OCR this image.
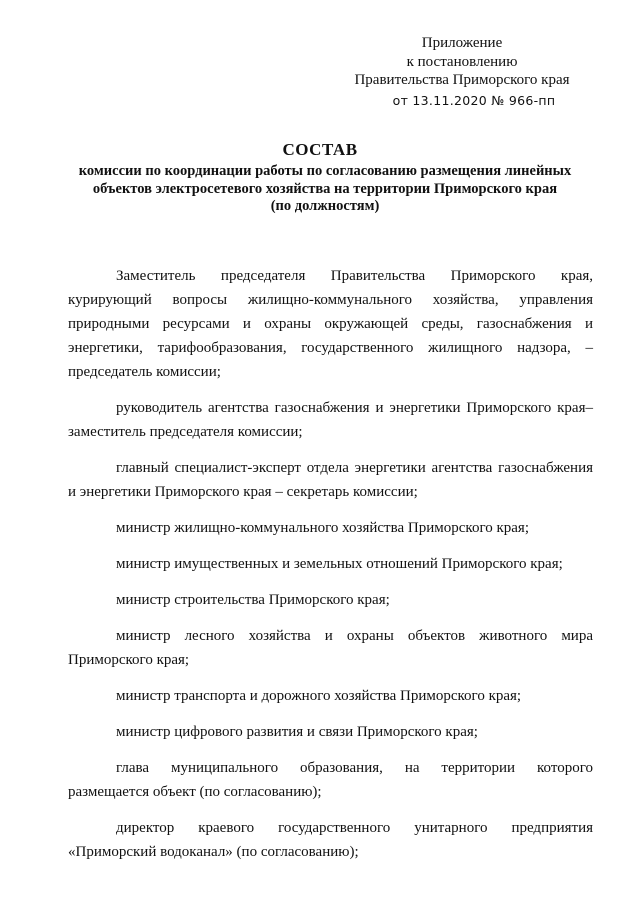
Приложение
к постановлению
Правительства Приморского края
от 13.11.2020 № 966-пп
СОСТАВ
комиссии по координации работы по согласованию размещения линейных
объектов электросетевого хозяйства на территории Приморского края
(по должностям)
Заместитель председателя Правительства Приморского края,
курирующий вопросы жилищно-коммунального хозяйства, управления
природными ресурсами и охраны окружающей среды, газоснабжения и
энергетики, тарифообразования, государственного жилищного надзора, –
председатель комиссии;
руководитель агентства газоснабжения и энергетики Приморского края–
заместитель председателя комиссии;
главный специалист-эксперт отдела энергетики агентства газоснабжения
и энергетики Приморского края – секретарь комиссии;
министр жилищно-коммунального хозяйства Приморского края;
министр имущественных и земельных отношений Приморского края;
министр строительства Приморского края;
министр лесного хозяйства и охраны объектов животного мира
Приморского края;
министр транспорта и дорожного хозяйства Приморского края;
министр цифрового развития и связи Приморского края;
глава муниципального образования, на территории которого
размещается объект (по согласованию);
директор краевого государственного унитарного предприятия
«Приморский водоканал» (по согласованию);
